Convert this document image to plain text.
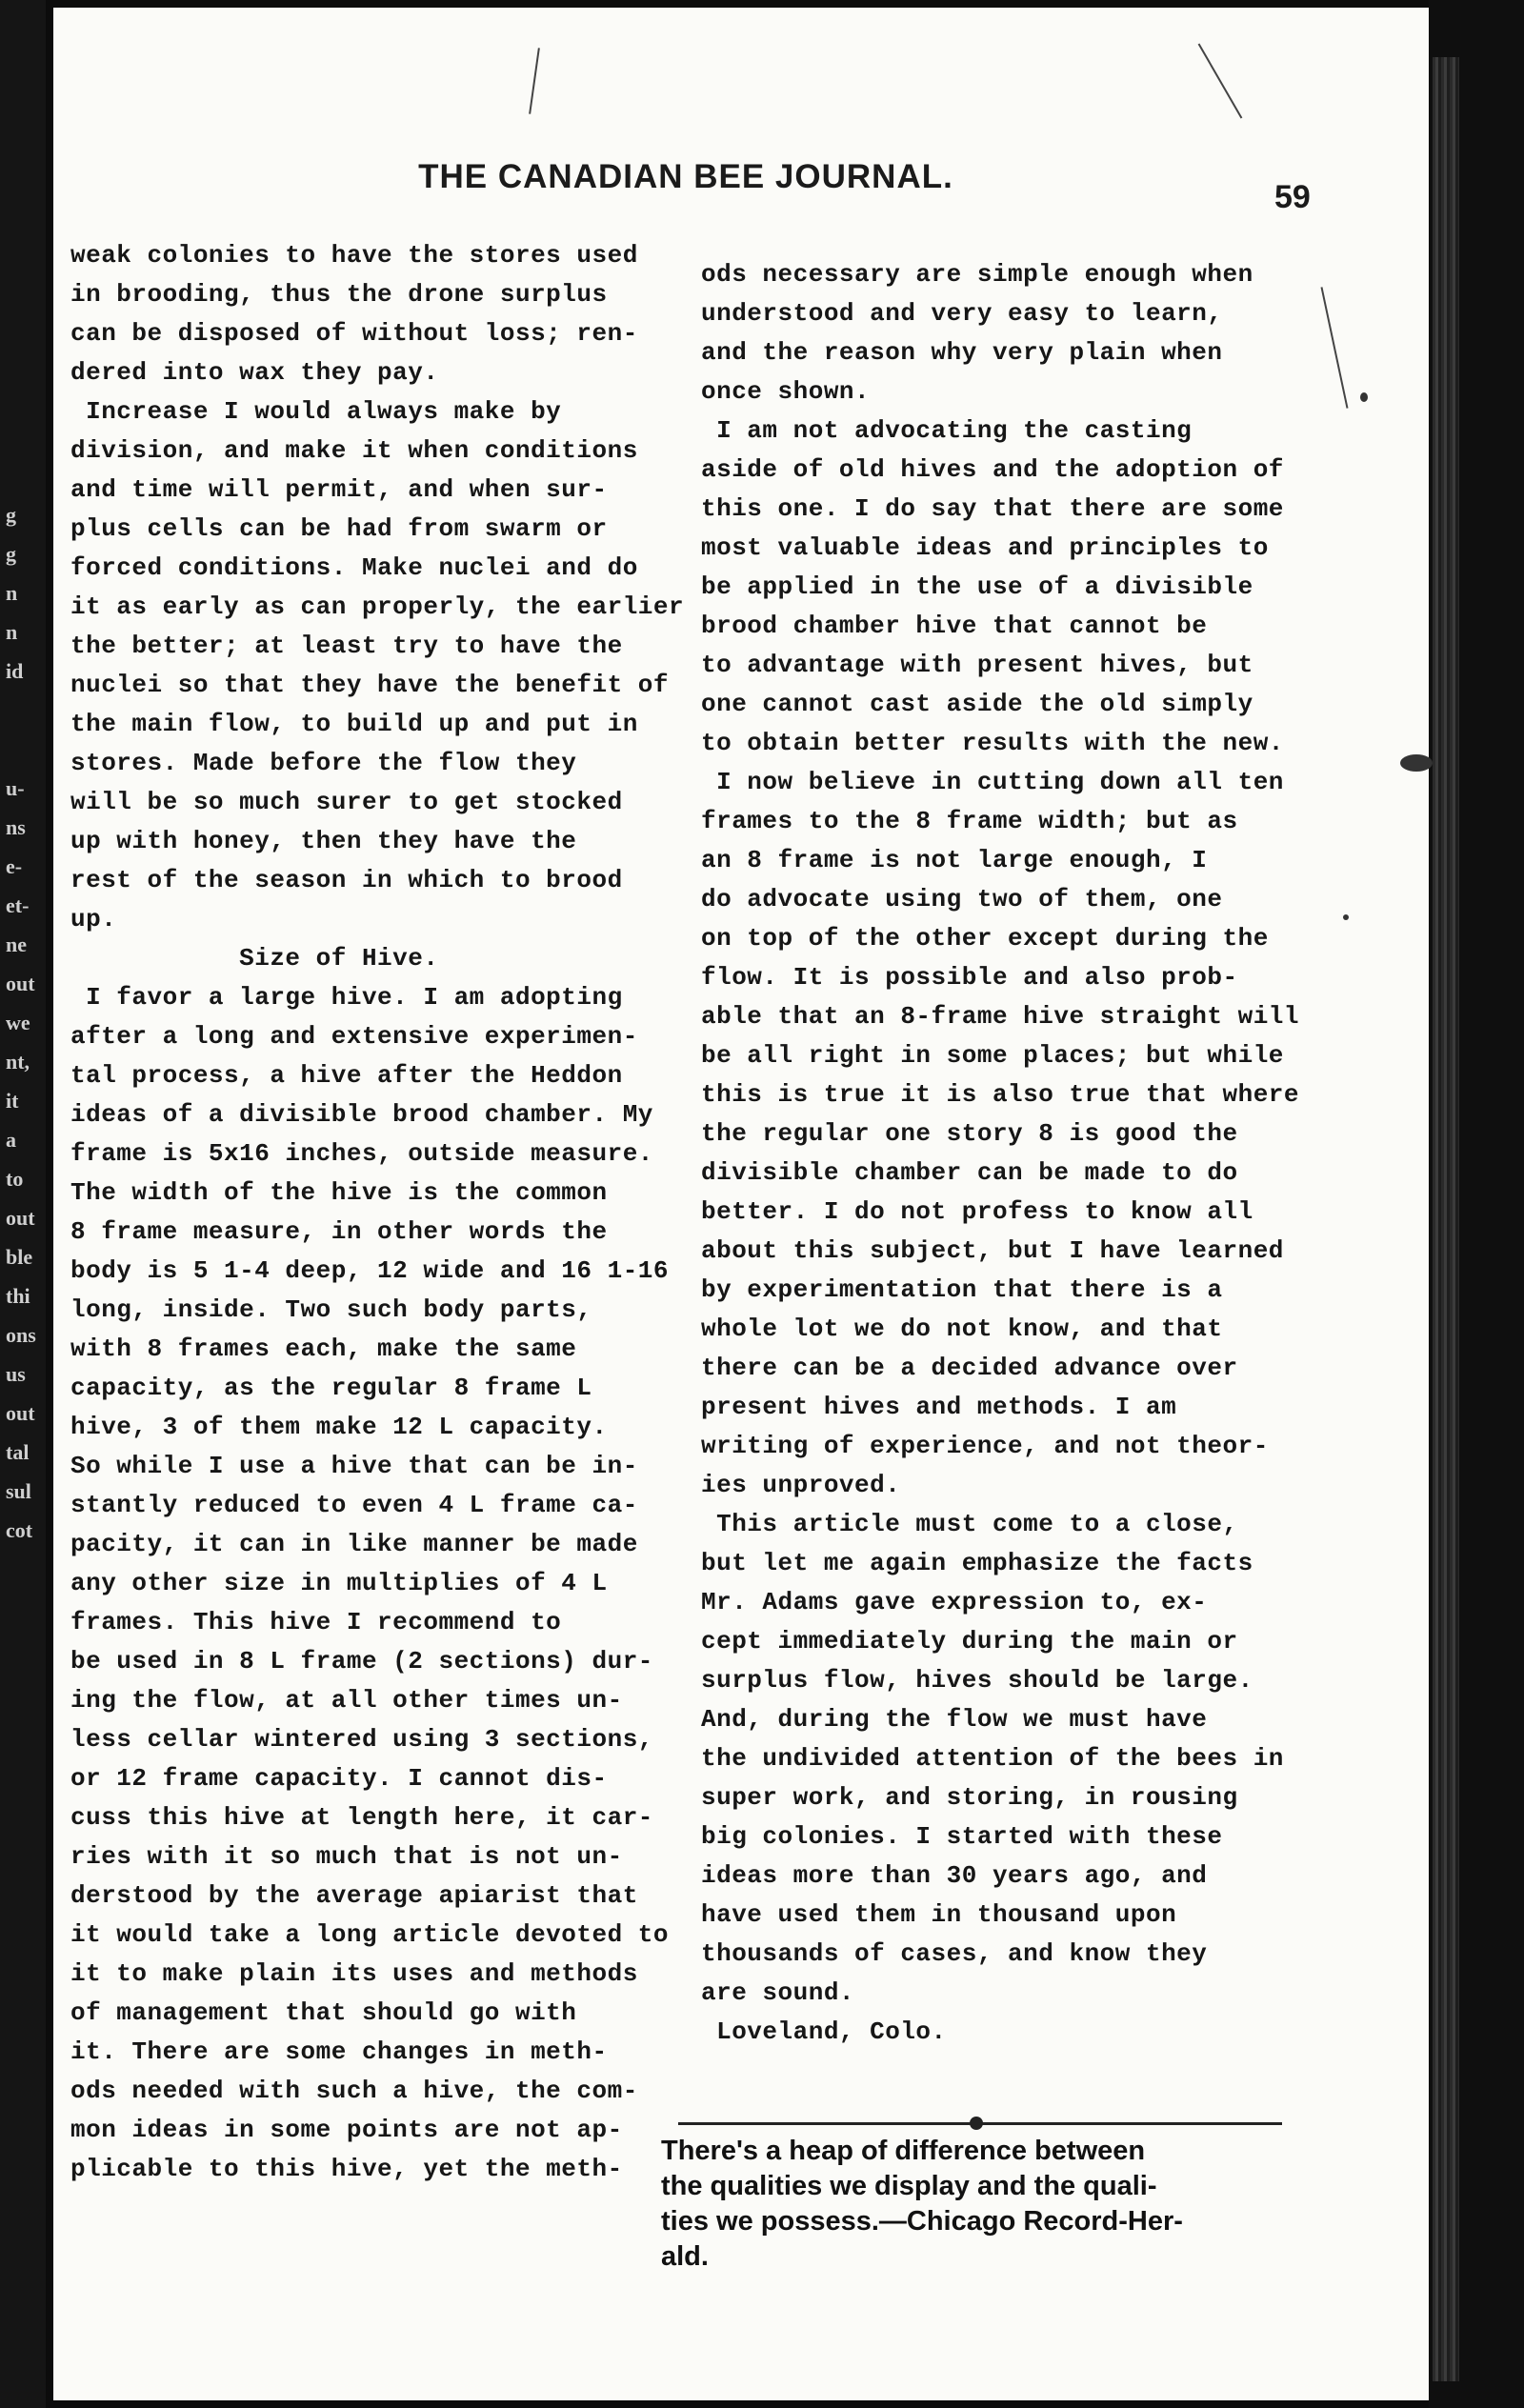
g
g
n
n
id
u-
ns
e-
et-
ne
out
we
nt,
it
a
to
out
ble
thi
ons
us
out
tal
sul
cot
THE CANADIAN BEE JOURNAL.
59
weak colonies to have the stores used
in brooding, thus the drone surplus
can be disposed of without loss; ren-
dered into wax they pay.
Increase I would always make by
division, and make it when conditions
and time will permit, and when sur-
plus cells can be had from swarm or
forced conditions. Make nuclei and do
it as early as can properly, the earlier
the better; at least try to have the
nuclei so that they have the benefit of
the main flow, to build up and put in
stores. Made before the flow they
will be so much surer to get stocked
up with honey, then they have the
rest of the season in which to brood
up.
Size of Hive.
I favor a large hive. I am adopting
after a long and extensive experimen-
tal process, a hive after the Heddon
ideas of a divisible brood chamber. My
frame is 5x16 inches, outside measure.
The width of the hive is the common
8 frame measure, in other words the
body is 5 1-4 deep, 12 wide and 16 1-16
long, inside. Two such body parts,
with 8 frames each, make the same
capacity, as the regular 8 frame L
hive, 3 of them make 12 L capacity.
So while I use a hive that can be in-
stantly reduced to even 4 L frame ca-
pacity, it can in like manner be made
any other size in multiplies of 4 L
frames. This hive I recommend to
be used in 8 L frame (2 sections) dur-
ing the flow, at all other times un-
less cellar wintered using 3 sections,
or 12 frame capacity. I cannot dis-
cuss this hive at length here, it car-
ries with it so much that is not un-
derstood by the average apiarist that
it would take a long article devoted to
it to make plain its uses and methods
of management that should go with
it. There are some changes in meth-
ods needed with such a hive, the com-
mon ideas in some points are not ap-
plicable to this hive, yet the meth-
ods necessary are simple enough when
understood and very easy to learn,
and the reason why very plain when
once shown.
I am not advocating the casting
aside of old hives and the adoption of
this one. I do say that there are some
most valuable ideas and principles to
be applied in the use of a divisible
brood chamber hive that cannot be
to advantage with present hives, but
one cannot cast aside the old simply
to obtain better results with the new.
I now believe in cutting down all ten
frames to the 8 frame width; but as
an 8 frame is not large enough, I
do advocate using two of them, one
on top of the other except during the
flow. It is possible and also prob-
able that an 8-frame hive straight will
be all right in some places; but while
this is true it is also true that where
the regular one story 8 is good the
divisible chamber can be made to do
better. I do not profess to know all
about this subject, but I have learned
by experimentation that there is a
whole lot we do not know, and that
there can be a decided advance over
present hives and methods. I am
writing of experience, and not theor-
ies unproved.
This article must come to a close,
but let me again emphasize the facts
Mr. Adams gave expression to, ex-
cept immediately during the main or
surplus flow, hives should be large.
And, during the flow we must have
the undivided attention of the bees in
super work, and storing, in rousing
big colonies. I started with these
ideas more than 30 years ago, and
have used them in thousand upon
thousands of cases, and know they
are sound.
Loveland, Colo.
There's a heap of difference between
the qualities we display and the quali-
ties we possess.—Chicago Record-Her-
ald.
